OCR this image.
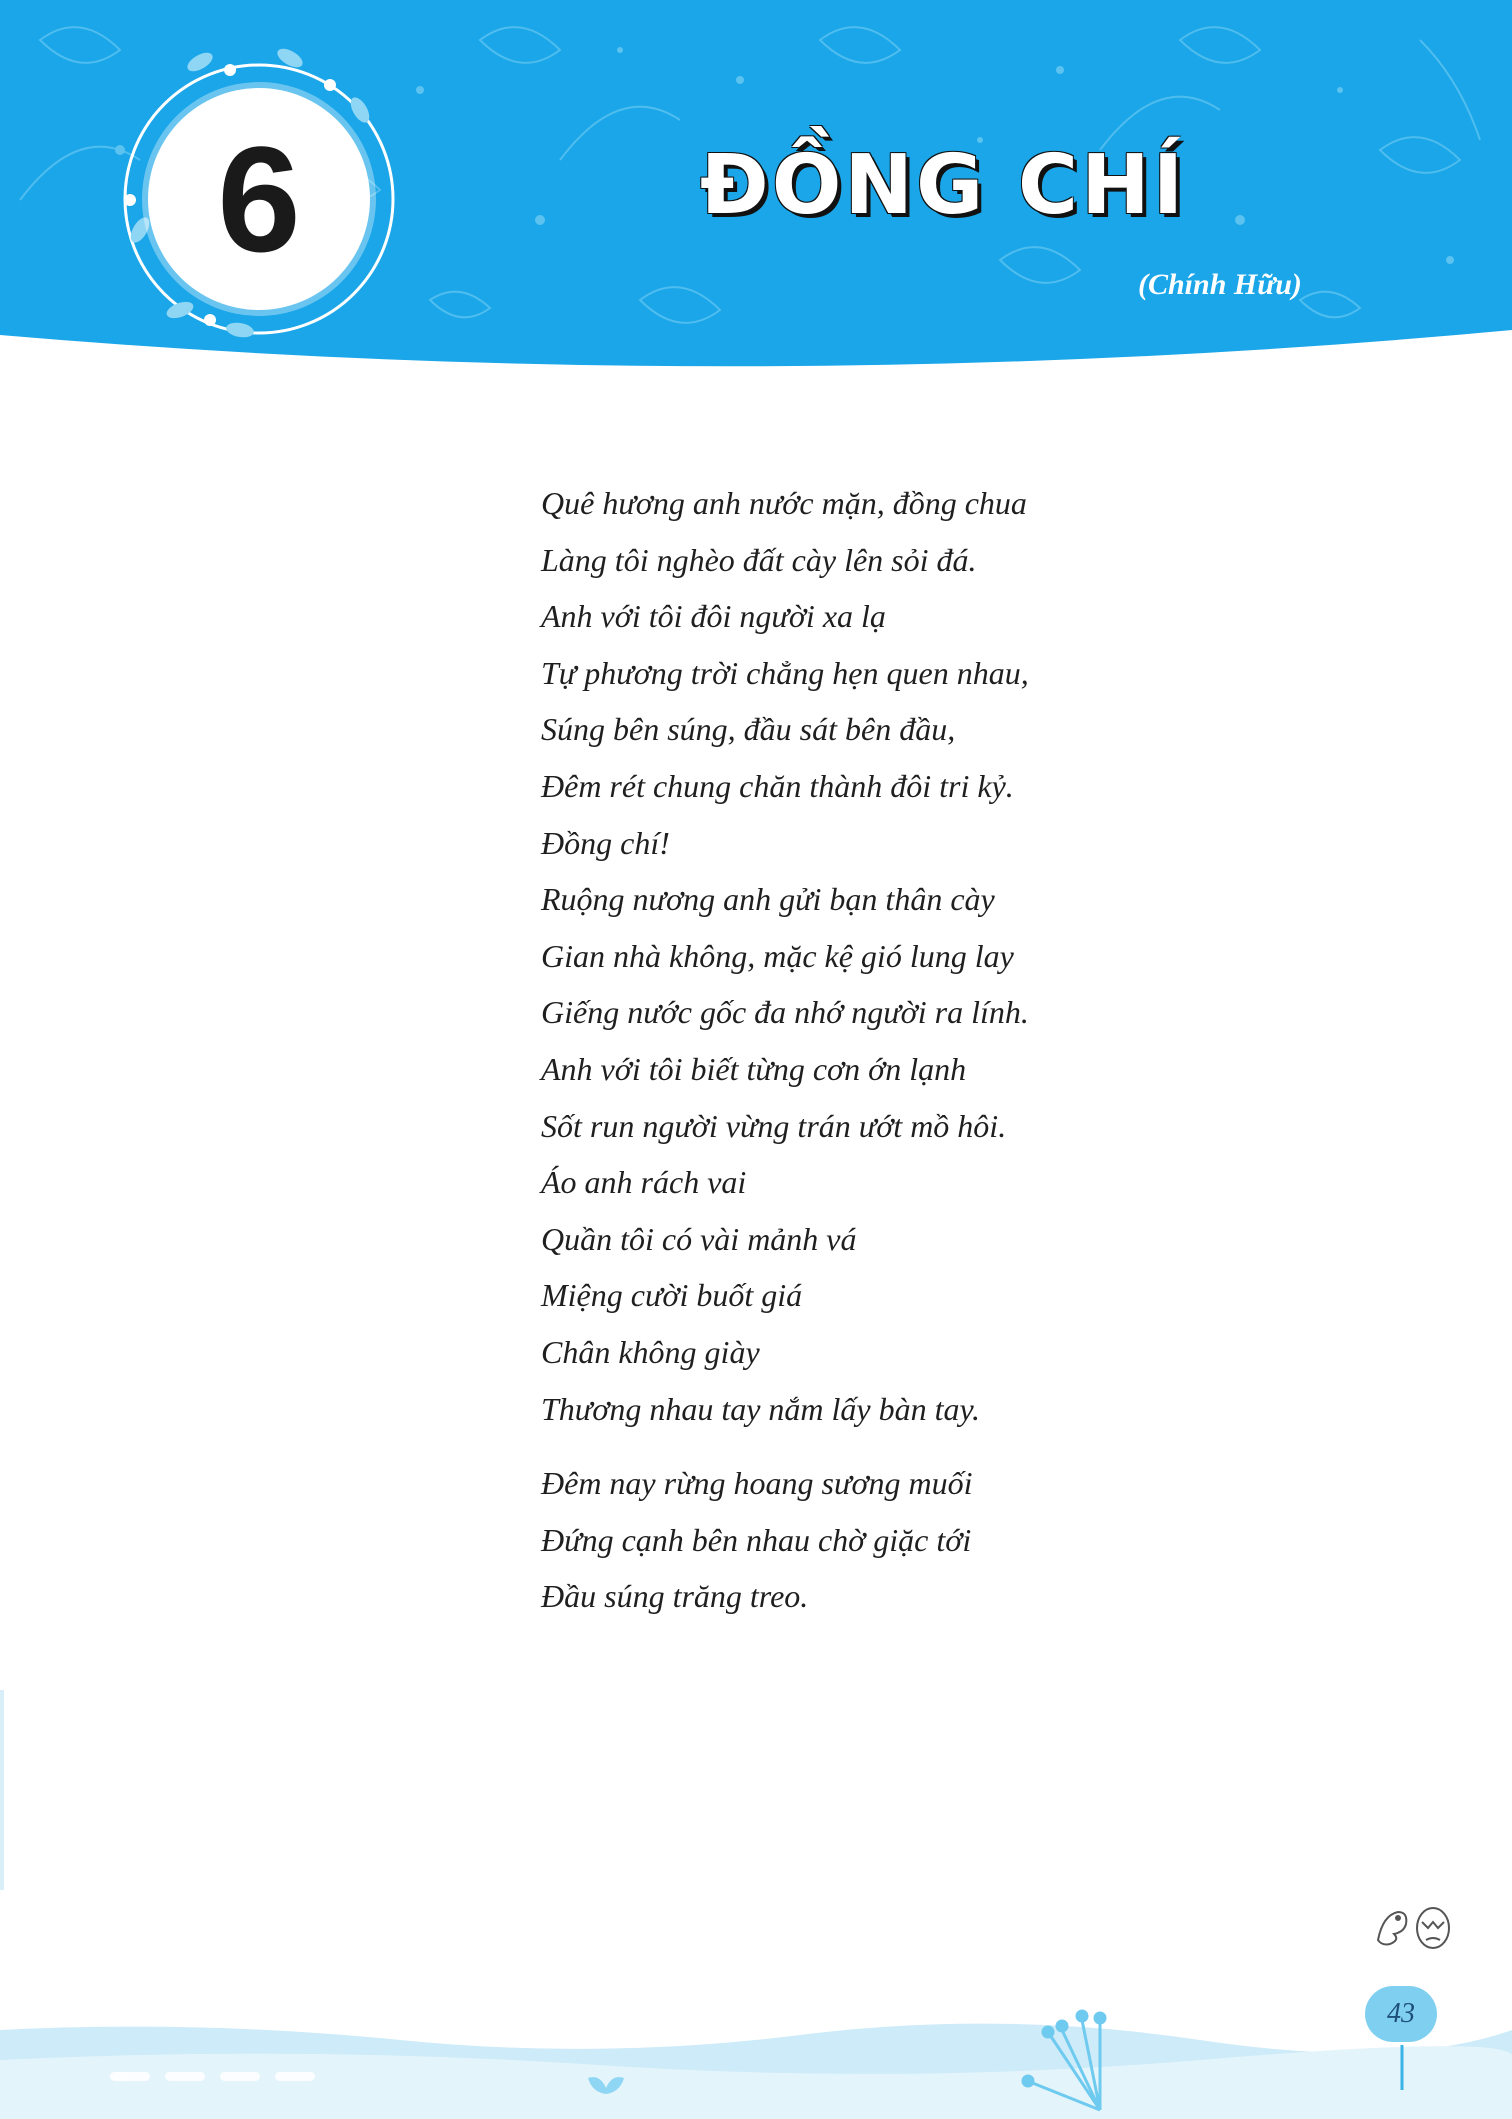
6	ĐỒNG CHÍ
(Chính Hữu)
Quê hương anh nước mặn, đồng chua
Làng tôi nghèo đất cày lên sỏi đá.
Anh với tôi đôi người xa lạ
Tự phương trời chẳng hẹn quen nhau,
Súng bên súng, đầu sát bên đầu,
Đêm rét chung chăn thành đôi tri kỷ.
Đồng chí!
Ruộng nương anh gửi bạn thân cày
Gian nhà không, mặc kệ gió lung lay
Giếng nước gốc đa nhớ người ra lính.
Anh với tôi biết từng cơn ớn lạnh
Sốt run người vừng trán ướt mồ hôi.
Áo anh rách vai
Quần tôi có vài mảnh vá
Miệng cười buốt giá
Chân không giày
Thương nhau tay nắm lấy bàn tay.
Đêm nay rừng hoang sương muối
Đứng cạnh bên nhau chờ giặc tới
Đầu súng trăng treo.
43
